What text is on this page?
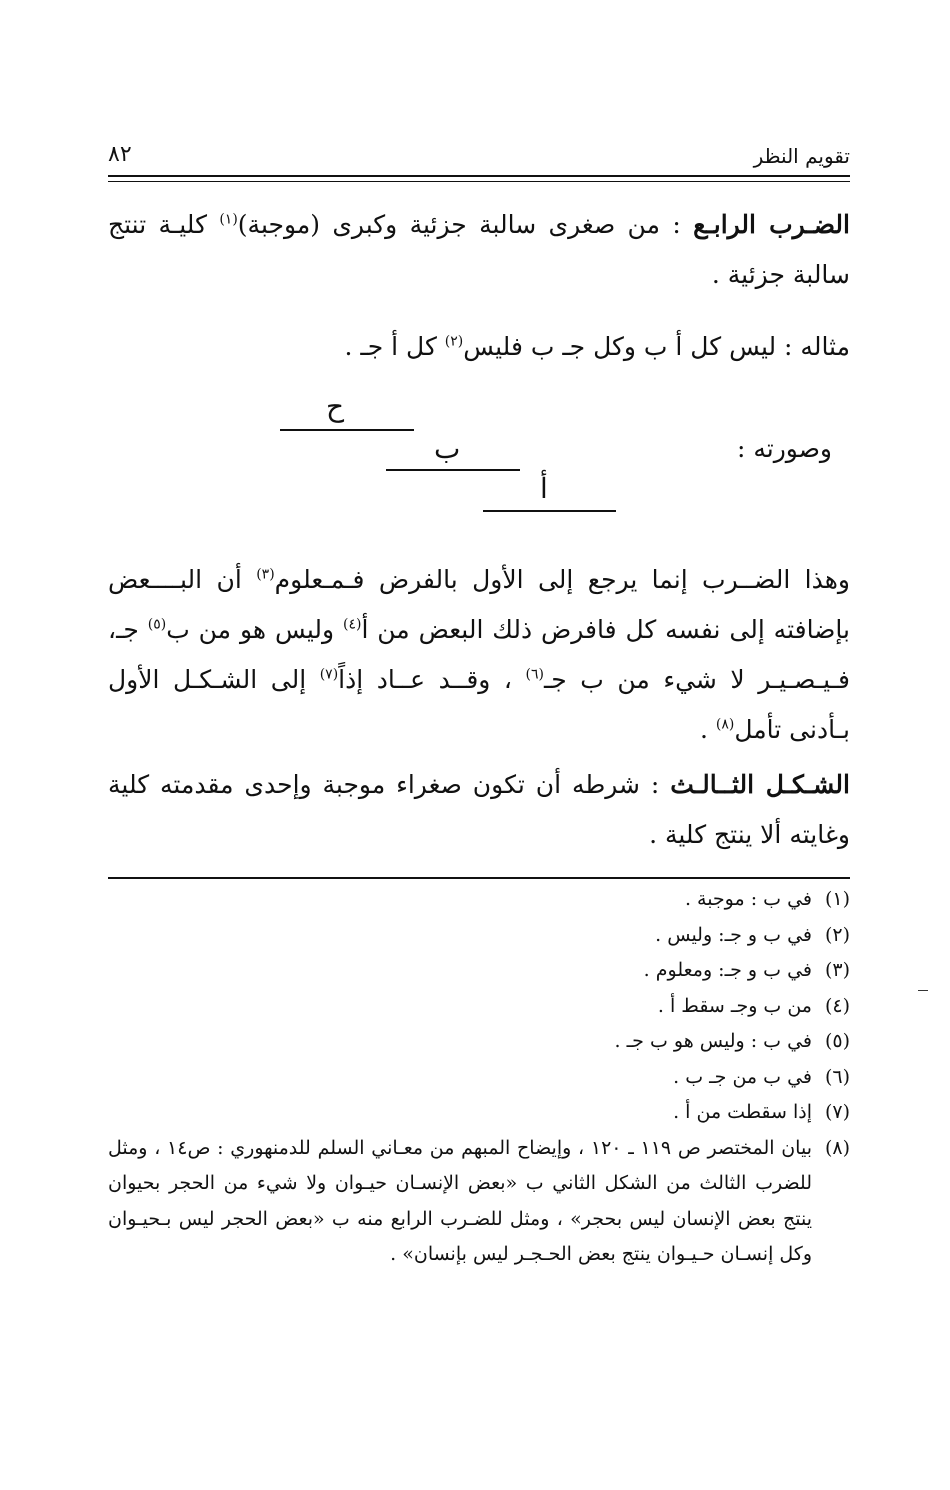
تقويم النظر
٨٢
الضـرب الرابـع : من صغرى سالبة جزئية وكبرى (موجبة)$^{(١)}$ كليـة تنتج سالبة جزئية .
مثاله : ليس كل أ ب وكل جـ ب فليس$^{(٢)}$ كل أ جـ .
وصورته :
ح
ب
أ
وهذا الضــرب إنما يرجع إلى الأول بالفرض فـمـعلوم$^{(٣)}$ أن البــــعض بإضافته إلى نفسه كل فافرض ذلك البعض من أ$^{(٤)}$ وليس هو من ب$^{(٥)}$ جـ، فـيـصـيـر لا شيء من ب جـ$^{(٦)}$ ، وقــد عــاد إذاً$^{(٧)}$ إلى الشـكـل الأول بـأدنى تأمل$^{(٨)}$ .
الشـكـل الثــالـث : شرطه أن تكون صغراء موجبة وإحدى مقدمته كلية وغايته ألا ينتج كلية .
(١)
في ب : موجبة .
(٢)
في ب و جـ: وليس .
(٣)
في ب و جـ: ومعلوم .
(٤)
من ب وجـ سقط أ .
(٥)
في ب : وليس هو ب جـ .
(٦)
في ب من جـ ب .
(٧)
إذا سقطت من أ .
(٨)
بيان المختصر ص ١١٩ ـ ١٢٠ ، وإيضاح المبهم من معـاني السلم للدمنهوري : ص١٤ ، ومثل للضرب الثالث من الشكل الثاني ب «بعض الإنسـان حيـوان ولا شيء من الحجر بحيوان ينتج بعض الإنسان ليس بحجر» ، ومثل للضـرب الرابع منه ب «بعض الحجر ليس بـحيـوان وكل إنسـان حـيـوان ينتج بعض الحـجـر ليس بإنسان» .
